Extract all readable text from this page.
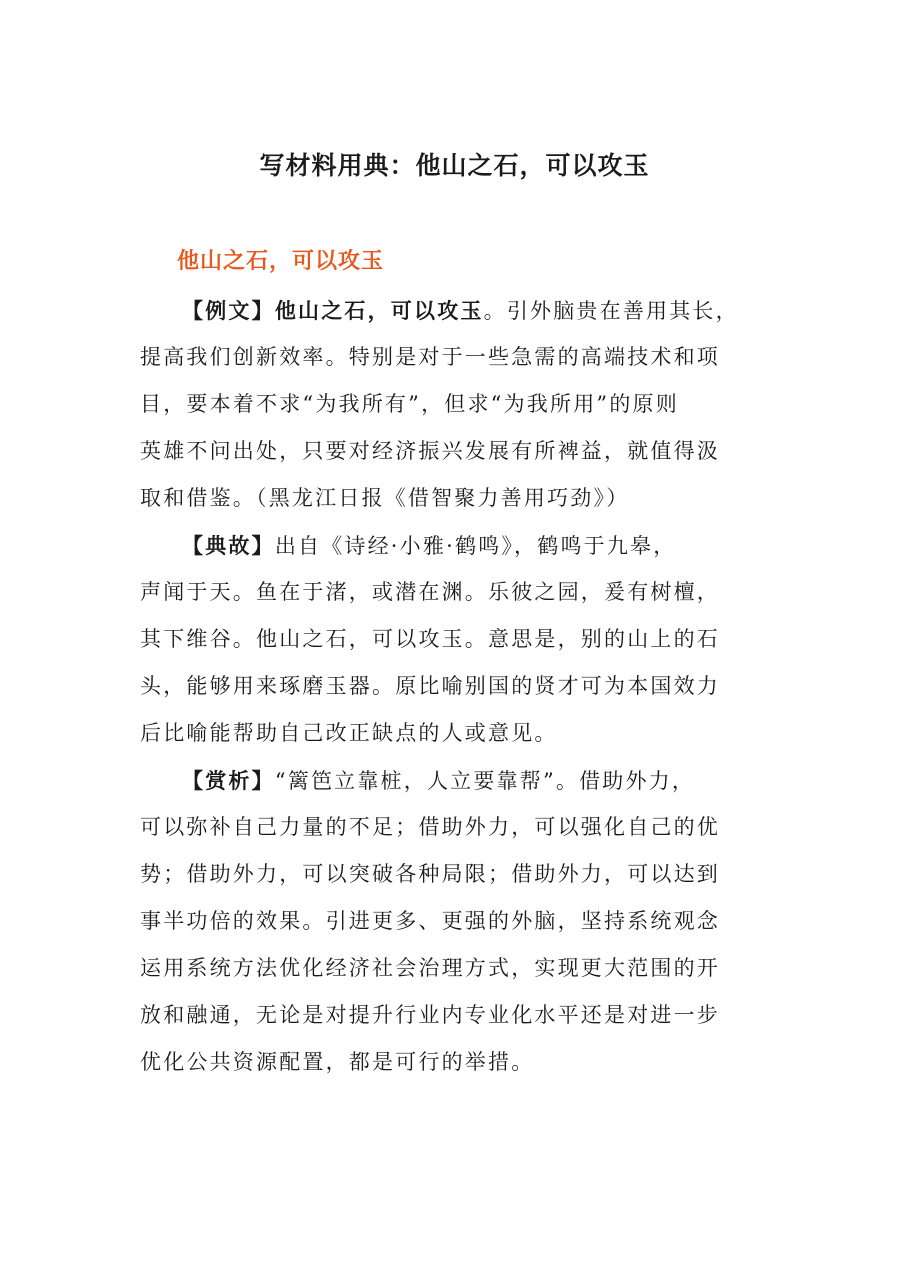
写材料用典：他山之石，可以攻玉
他山之石，可以攻玉
【例文】他山之石，可以攻玉。引外脑贵在善用其长，
提高我们创新效率。特别是对于一些急需的高端技术和项
目，要本着不求“为我所有”，但求“为我所用”的原则
英雄不问出处，只要对经济振兴发展有所裨益，就值得汲
取和借鉴。（黑龙江日报《借智聚力善用巧劲》）
【典故】出自《诗经·小雅·鹤鸣》，鹤鸣于九皋，
声闻于天。鱼在于渚，或潜在渊。乐彼之园，爰有树檀，
其下维谷。他山之石，可以攻玉。意思是，别的山上的石
头，能够用来琢磨玉器。原比喻别国的贤才可为本国效力
后比喻能帮助自己改正缺点的人或意见。
【赏析】“篱笆立靠桩，人立要靠帮”。借助外力，
可以弥补自己力量的不足；借助外力，可以强化自己的优
势；借助外力，可以突破各种局限；借助外力，可以达到
事半功倍的效果。引进更多、更强的外脑，坚持系统观念
运用系统方法优化经济社会治理方式，实现更大范围的开
放和融通，无论是对提升行业内专业化水平还是对进一步
优化公共资源配置，都是可行的举措。
